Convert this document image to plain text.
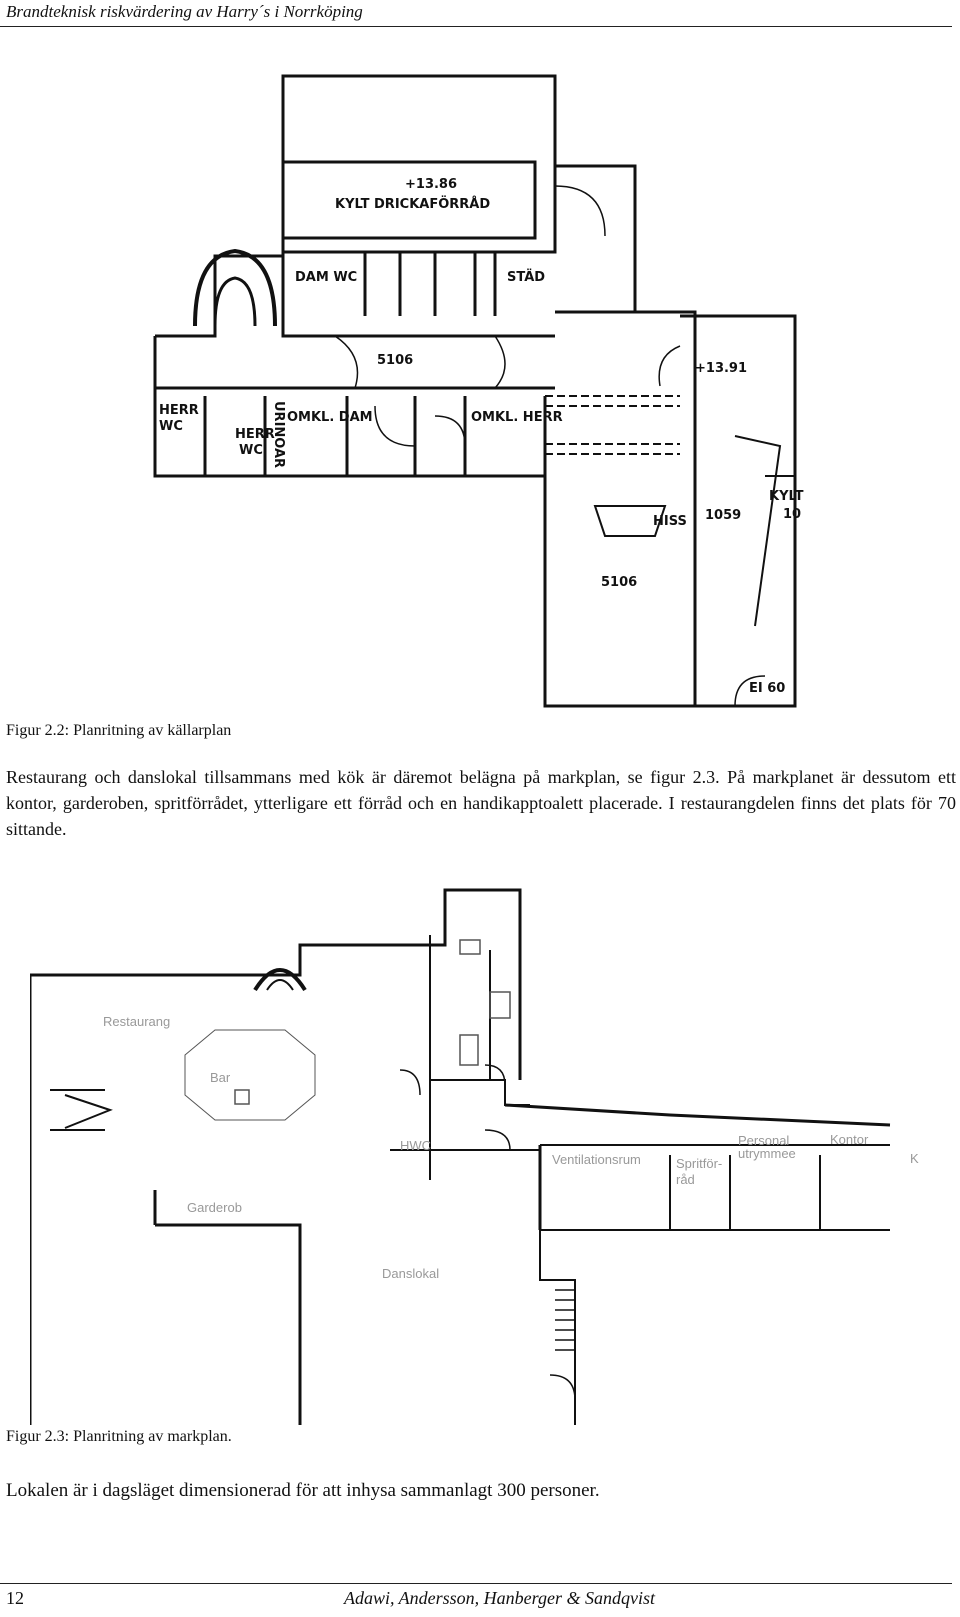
Brandteknisk riskvärdering av Harry´s i Norrköping
+13.86
KYLT DRICKAFÖRRÅD
DAM WC	STÄD
5106
HERR
WC
HERR
WC URINOAR OMKL. DAM	OMKL. HERR
+13.91
KYLT
10
HISS 1059
5106
EI 60
Figur 2.2: Planritning av källarplan
Restaurang och danslokal tillsammans med kök är däremot belägna på markplan, se figur 2.3. På markplanet är dessutom ett kontor, garderoben, spritförrådet, ytterligare ett förråd och en handikapptoalett placerade. I restaurangdelen finns det plats för 70 sittande.
Restaurang
Bar
Garderob
Danslokal
Ventilationsrum	Spritför-
råd
Personal
utrymmee
Kontor
K
HWC
Figur 2.3: Planritning av markplan.
Lokalen är i dagsläget dimensionerad för att inhysa sammanlagt 300 personer.
12	Adawi, Andersson, Hanberger & Sandqvist
